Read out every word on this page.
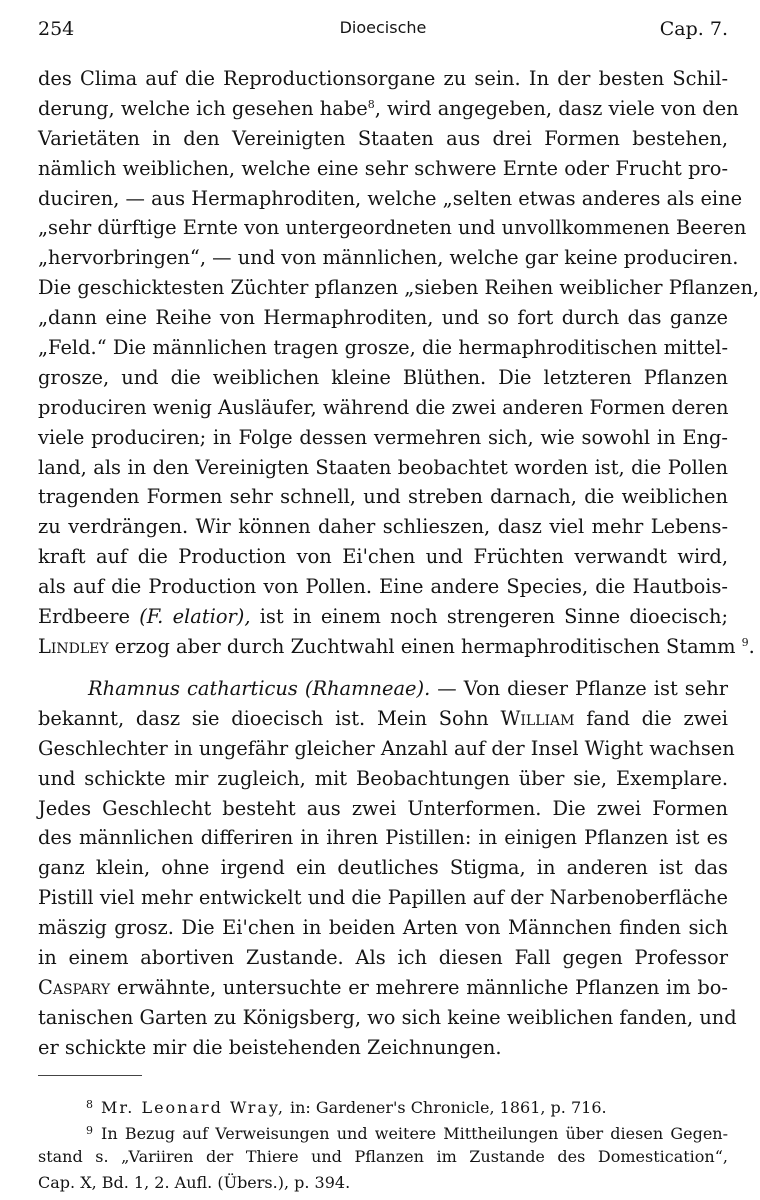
254	Dioecische	Cap. 7.
des Clima auf die Reproductionsorgane zu sein. In der besten Schil-
derung, welche ich gesehen habe$^8$, wird angegeben, dasz viele von den
Varietäten in den Vereinigten Staaten aus drei Formen bestehen,
nämlich weiblichen, welche eine sehr schwere Ernte oder Frucht pro-
duciren, — aus Hermaphroditen, welche „selten etwas anderes als eine
„sehr dürftige Ernte von untergeordneten und unvollkommenen Beeren
„hervorbringen“, — und von männlichen, welche gar keine produciren.
Die geschicktesten Züchter pflanzen „sieben Reihen weiblicher Pflanzen,
„dann eine Reihe von Hermaphroditen, und so fort durch das ganze
„Feld.“ Die männlichen tragen grosze, die hermaphroditischen mittel-
grosze, und die weiblichen kleine Blüthen. Die letzteren Pflanzen
produciren wenig Ausläufer, während die zwei anderen Formen deren
viele produciren; in Folge dessen vermehren sich, wie sowohl in Eng-
land, als in den Vereinigten Staaten beobachtet worden ist, die Pollen
tragenden Formen sehr schnell, und streben darnach, die weiblichen
zu verdrängen. Wir können daher schlieszen, dasz viel mehr Lebens-
kraft auf die Production von Ei'chen und Früchten verwandt wird,
als auf die Production von Pollen. Eine andere Species, die Hautbois-
Erdbeere (F. elatior), ist in einem noch strengeren Sinne dioecisch;
Lindley erzog aber durch Zuchtwahl einen hermaphroditischen Stamm $^9$.
Rhamnus catharticus (Rhamneae). — Von dieser Pflanze ist sehr
bekannt, dasz sie dioecisch ist. Mein Sohn William fand die zwei
Geschlechter in ungefähr gleicher Anzahl auf der Insel Wight wachsen
und schickte mir zugleich, mit Beobachtungen über sie, Exemplare.
Jedes Geschlecht besteht aus zwei Unterformen. Die zwei Formen
des männlichen differiren in ihren Pistillen: in einigen Pflanzen ist es
ganz klein, ohne irgend ein deutliches Stigma, in anderen ist das
Pistill viel mehr entwickelt und die Papillen auf der Narbenoberfläche
mäszig grosz. Die Ei'chen in beiden Arten von Männchen finden sich
in einem abortiven Zustande. Als ich diesen Fall gegen Professor
Caspary erwähnte, untersuchte er mehrere männliche Pflanzen im bo-
tanischen Garten zu Königsberg, wo sich keine weiblichen fanden, und
er schickte mir die beistehenden Zeichnungen.
$^8$ Mr. Leonard Wray, in: Gardener's Chronicle, 1861, p. 716.
$^9$ In Bezug auf Verweisungen und weitere Mittheilungen über diesen Gegen-
stand s. „Variiren der Thiere und Pflanzen im Zustande des Domestication“,
Cap. X, Bd. 1, 2. Aufl. (Übers.), p. 394.
